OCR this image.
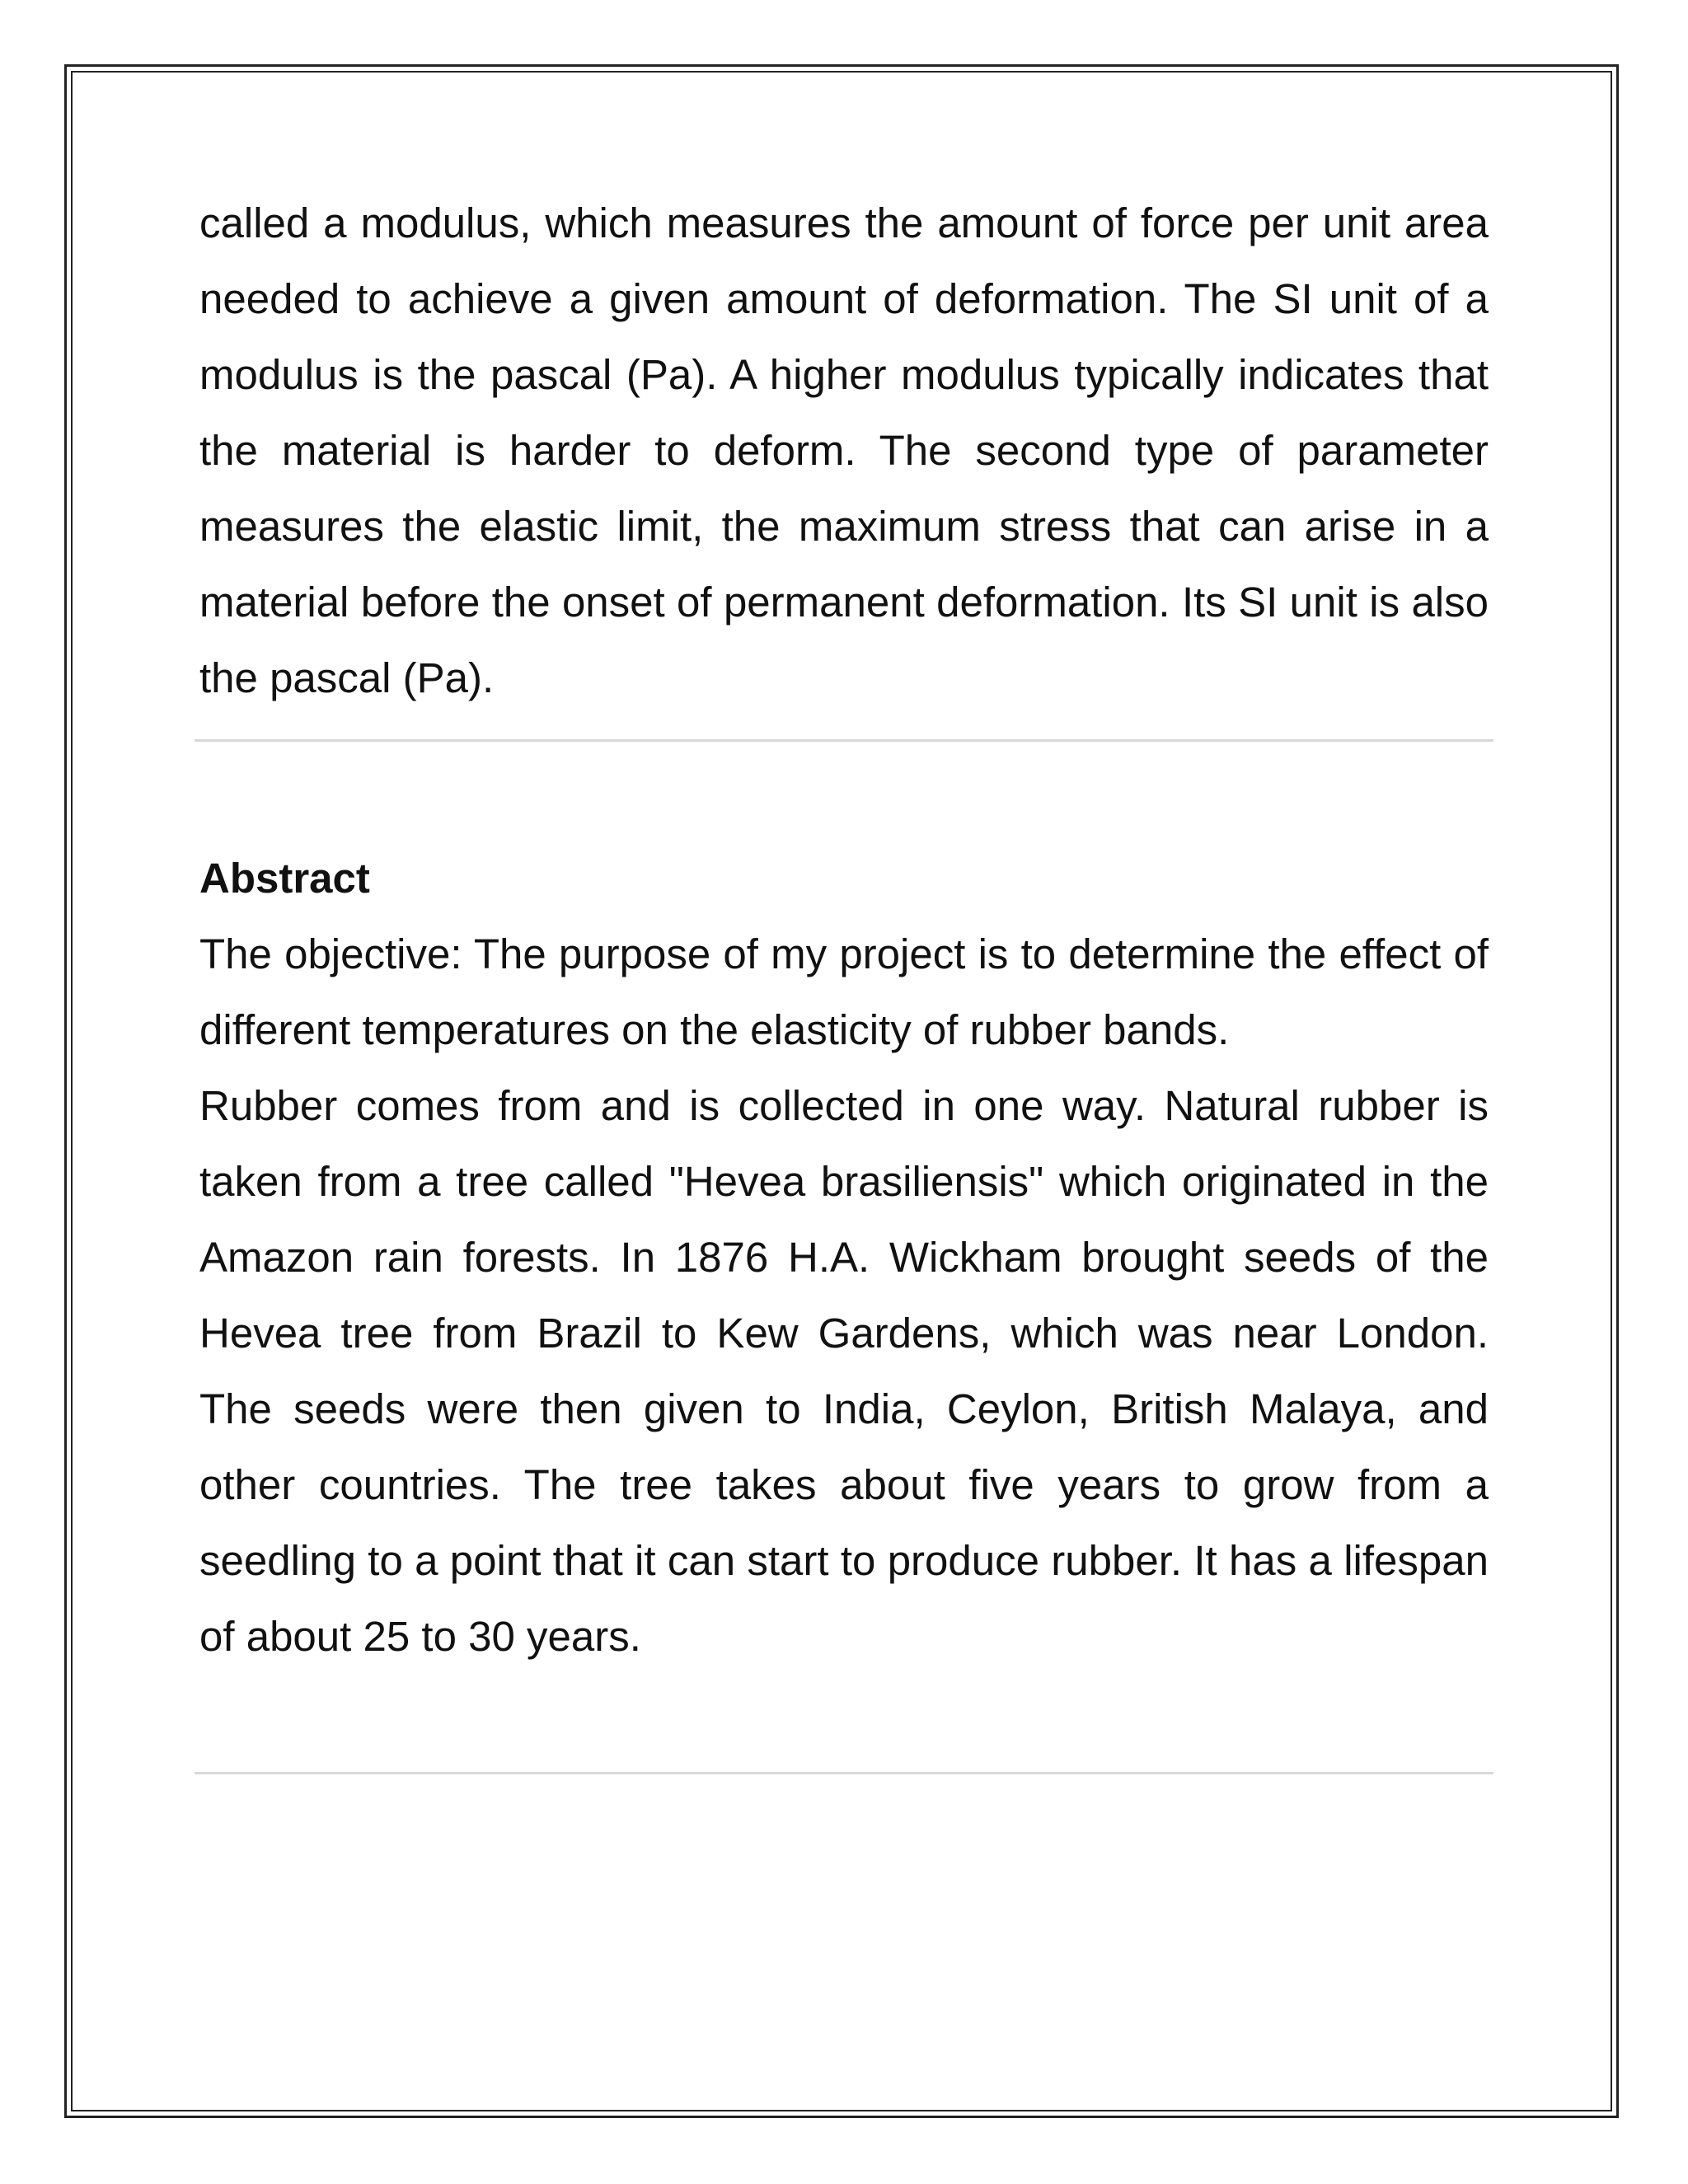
called a modulus, which measures the amount of force per unit area needed to achieve a given amount of deformation. The SI unit of a modulus is the pascal (Pa). A higher modulus typically indicates that the material is harder to deform. The second type of parameter measures the elastic limit, the maximum stress that can arise in a material before the onset of permanent deformation. Its SI unit is also the pascal (Pa).

Abstract

The objective: The purpose of my project is to determine the effect of different temperatures on the elasticity of rubber bands.

Rubber comes from and is collected in one way. Natural rubber is taken from a tree called "Hevea brasiliensis" which originated in the Amazon rain forests. In 1876 H.A. Wickham brought seeds of the Hevea tree from Brazil to Kew Gardens, which was near London. The seeds were then given to India, Ceylon, British Malaya, and other countries. The tree takes about five years to grow from a seedling to a point that it can start to produce rubber. It has a lifespan of about 25 to 30 years.
